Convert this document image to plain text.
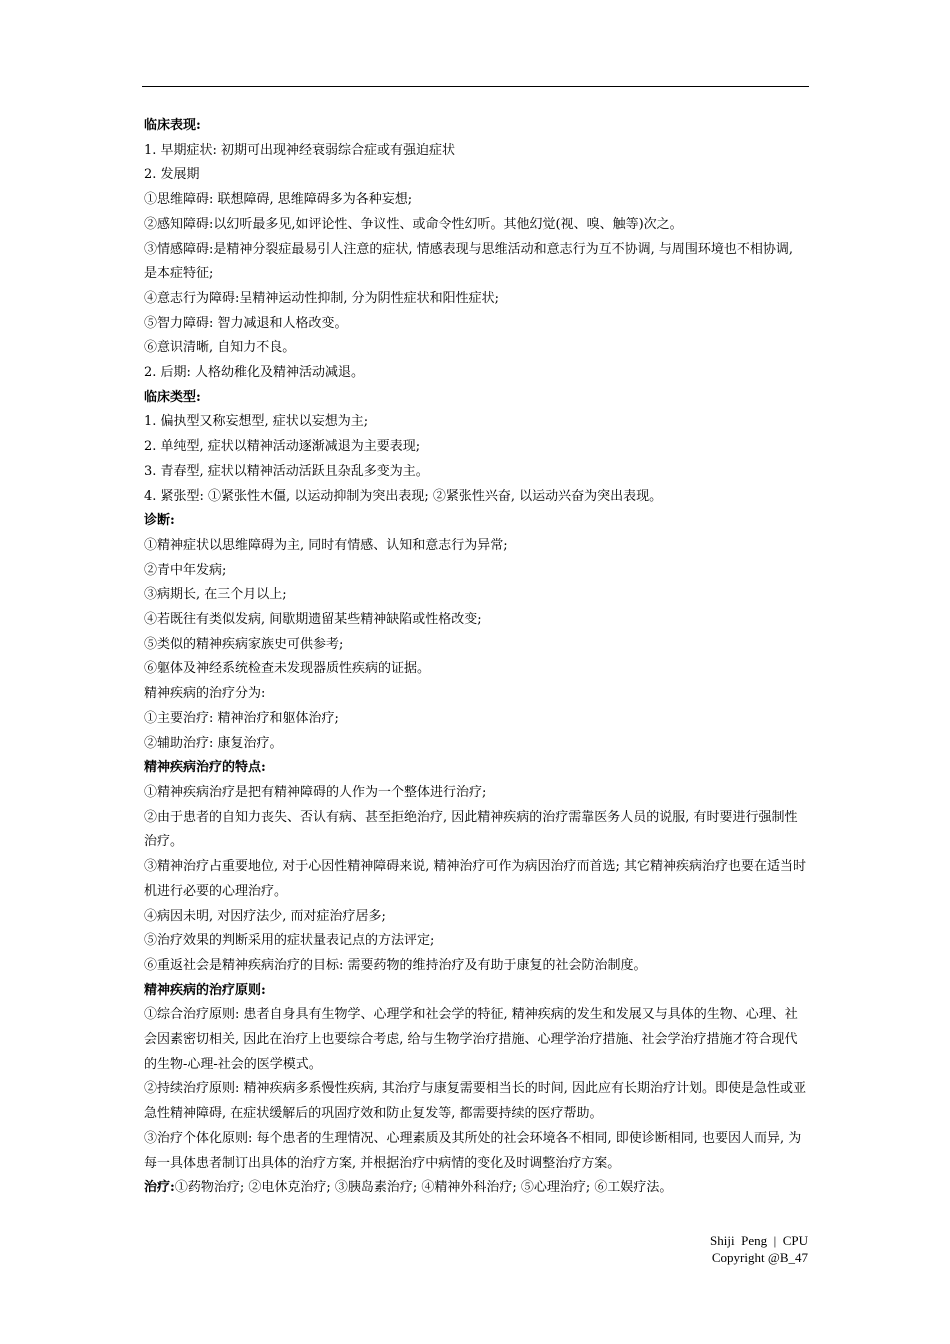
临床表现:

1. 早期症状: 初期可出现神经衰弱综合症或有强迫症状

2. 发展期

①思维障碍: 联想障碍, 思维障碍多为各种妄想;

②感知障碍:以幻听最多见,如评论性、争议性、或命令性幻听。其他幻觉(视、嗅、触等)次之。

③情感障碍:是精神分裂症最易引人注意的症状, 情感表现与思维活动和意志行为互不协调, 与周围环境也不相协调, 是本症特征;

④意志行为障碍:呈精神运动性抑制, 分为阴性症状和阳性症状;

⑤智力障碍: 智力减退和人格改变。

⑥意识清晰, 自知力不良。

2. 后期: 人格幼稚化及精神活动减退。

临床类型:

1. 偏执型又称妄想型, 症状以妄想为主;

2. 单纯型, 症状以精神活动逐渐减退为主要表现;

3. 青春型, 症状以精神活动活跃且杂乱多变为主。

4. 紧张型: ①紧张性木僵, 以运动抑制为突出表现; ②紧张性兴奋, 以运动兴奋为突出表现。

诊断:

①精神症状以思维障碍为主, 同时有情感、认知和意志行为异常;

②青中年发病;

③病期长, 在三个月以上;

④若既往有类似发病, 间歇期遗留某些精神缺陷或性格改变;

⑤类似的精神疾病家族史可供参考;

⑥躯体及神经系统检查未发现器质性疾病的证据。

精神疾病的治疗分为:

①主要治疗: 精神治疗和躯体治疗;

②辅助治疗: 康复治疗。

精神疾病治疗的特点:

①精神疾病治疗是把有精神障碍的人作为一个整体进行治疗;

②由于患者的自知力丧失、否认有病、甚至拒绝治疗, 因此精神疾病的治疗需靠医务人员的说服, 有时要进行强制性治疗。

③精神治疗占重要地位, 对于心因性精神障碍来说, 精神治疗可作为病因治疗而首选; 其它精神疾病治疗也要在适当时机进行必要的心理治疗。

④病因未明, 对因疗法少, 而对症治疗居多;

⑤治疗效果的判断采用的症状量表记点的方法评定;

⑥重返社会是精神疾病治疗的目标: 需要药物的维持治疗及有助于康复的社会防治制度。

精神疾病的治疗原则:

①综合治疗原则: 患者自身具有生物学、心理学和社会学的特征, 精神疾病的发生和发展又与具体的生物、心理、社会因素密切相关, 因此在治疗上也要综合考虑, 给与生物学治疗措施、心理学治疗措施、社会学治疗措施才符合现代的生物-心理-社会的医学模式。

②持续治疗原则: 精神疾病多系慢性疾病, 其治疗与康复需要相当长的时间, 因此应有长期治疗计划。即使是急性或亚急性精神障碍, 在症状缓解后的巩固疗效和防止复发等, 都需要持续的医疗帮助。

③治疗个体化原则: 每个患者的生理情况、心理素质及其所处的社会环境各不相同, 即使诊断相同, 也要因人而异, 为每一具体患者制订出具体的治疗方案, 并根据治疗中病情的变化及时调整治疗方案。

治疗:①药物治疗; ②电休克治疗; ③胰岛素治疗; ④精神外科治疗; ⑤心理治疗; ⑥工娱疗法。

Shiji  Peng  |  CPU
Copyright @B_47
